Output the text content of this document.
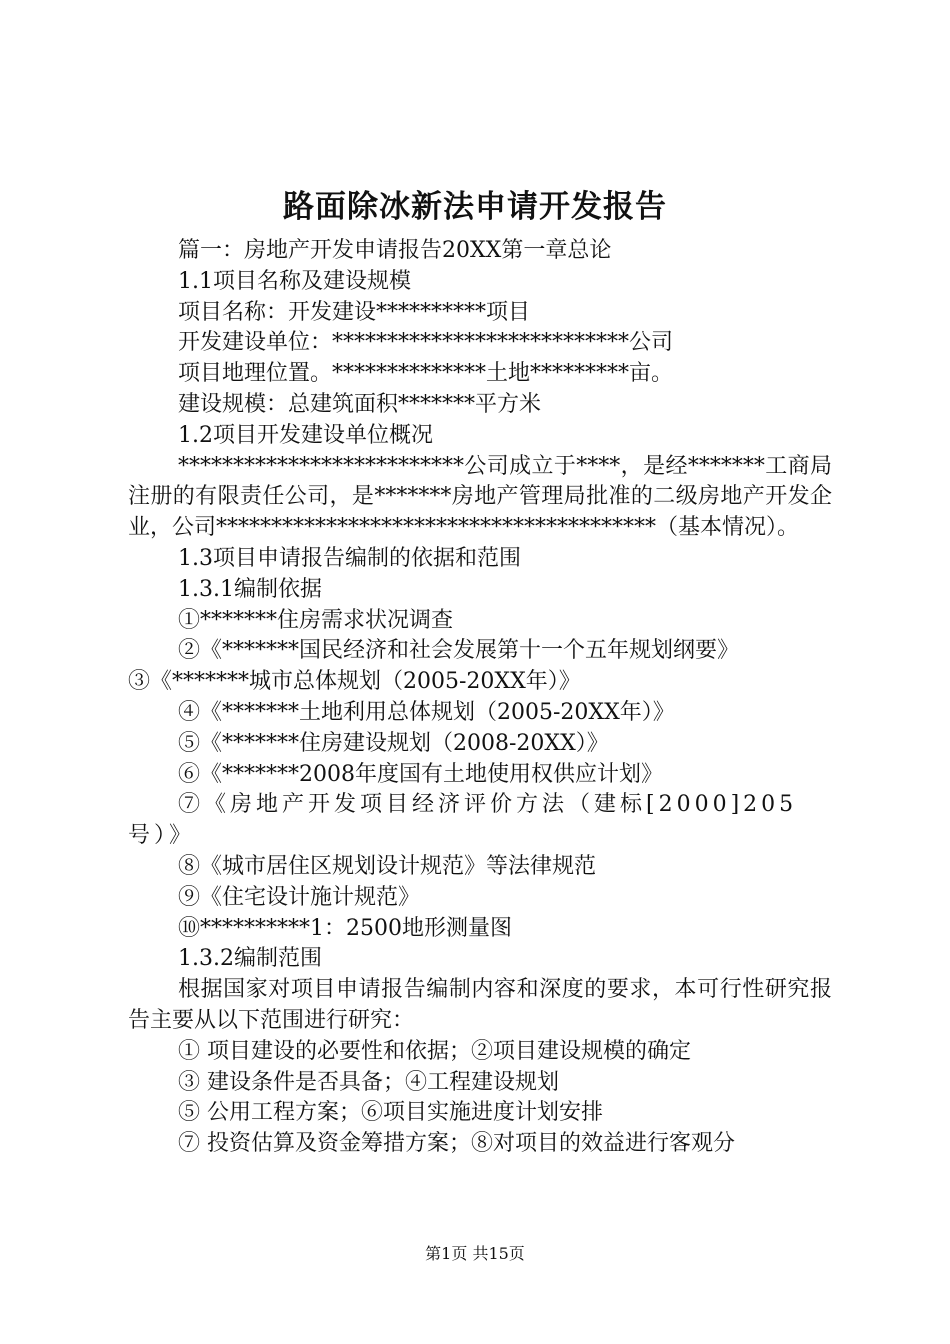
路面除冰新法申请开发报告

篇一：房地产开发申请报告20XX第一章总论

1.1项目名称及建设规模

项目名称：开发建设**********项目

开发建设单位：***************************公司

项目地理位置。**************土地*********亩。

建设规模：总建筑面积*******平方米

1.2项目开发建设单位概况

**************************公司成立于****，是经*******工商局注册的有限责任公司，是*******房地产管理局批准的二级房地产开发企业，公司****************************************（基本情况）。

1.3项目申请报告编制的依据和范围

1.3.1编制依据

①*******住房需求状况调查

②《*******国民经济和社会发展第十一个五年规划纲要》

③《*******城市总体规划（2005-20XX年）》

④《*******土地利用总体规划（2005-20XX年）》

⑤《*******住房建设规划（2008-20XX）》

⑥《*******2008年度国有土地使用权供应计划》

⑦《房地产开发项目经济评价方法（建标[2000]205号）》

⑧《城市居住区规划设计规范》等法律规范

⑨《住宅设计施计规范》

⑩**********1：2500地形测量图

1.3.2编制范围

根据国家对项目申请报告编制内容和深度的要求，本可行性研究报告主要从以下范围进行研究：

① 项目建设的必要性和依据；②项目建设规模的确定

③ 建设条件是否具备；④工程建设规划

⑤ 公用工程方案；⑥项目实施进度计划安排

⑦ 投资估算及资金筹措方案；⑧对项目的效益进行客观分

第1页 共15页
